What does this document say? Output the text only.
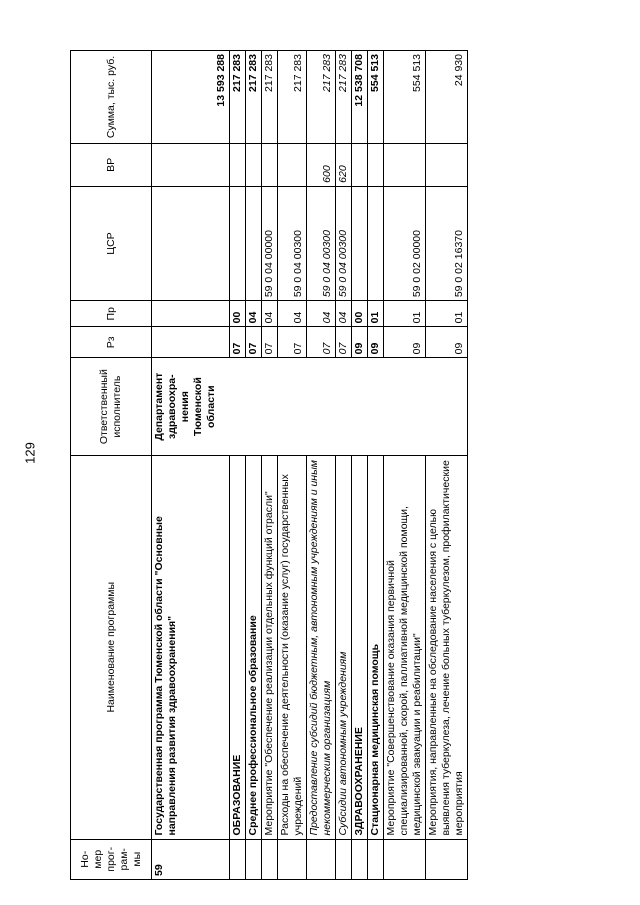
129
Но-мер прог-рам-мы	Наименование программы	Ответственный исполнитель	Рз	Пр	ЦСР	ВР	Сумма, тыс. руб.
59	Государственная программа Тюменской области "Основные направления развития здравоохранения"	Департамент здравоохра-нения Тюменской области					13 593 288
	ОБРАЗОВАНИЕ		07	00			217 283
	Среднее профессиональное образование		07	04			217 283
	Мероприятие "Обеспечение реализации отдельных функций отрасли"		07	04	59 0 04 00000		217 283
	Расходы на обеспечение деятельности (оказание услуг) государственных учреждений		07	04	59 0 04 00300		217 283
	Предоставление субсидий бюджетным, автономным учреждениям и иным некоммерческим организациям		07	04	59 0 04 00300	600	217 283
	Субсидии автономным учреждениям		07	04	59 0 04 00300	620	217 283
	ЗДРАВООХРАНЕНИЕ		09	00			12 538 708
	Стационарная медицинская помощь		09	01			554 513
	Мероприятие "Совершенствование оказания первичной специализированной, скорой, паллиативной медицинской помощи, медицинской эвакуации и реабилитации"		09	01	59 0 02 00000		554 513
	Мероприятия, направленные на обследование населения с целью выявления туберкулеза, лечение больных туберкулезом, профилактические мероприятия		09	01	59 0 02 16370		24 930
